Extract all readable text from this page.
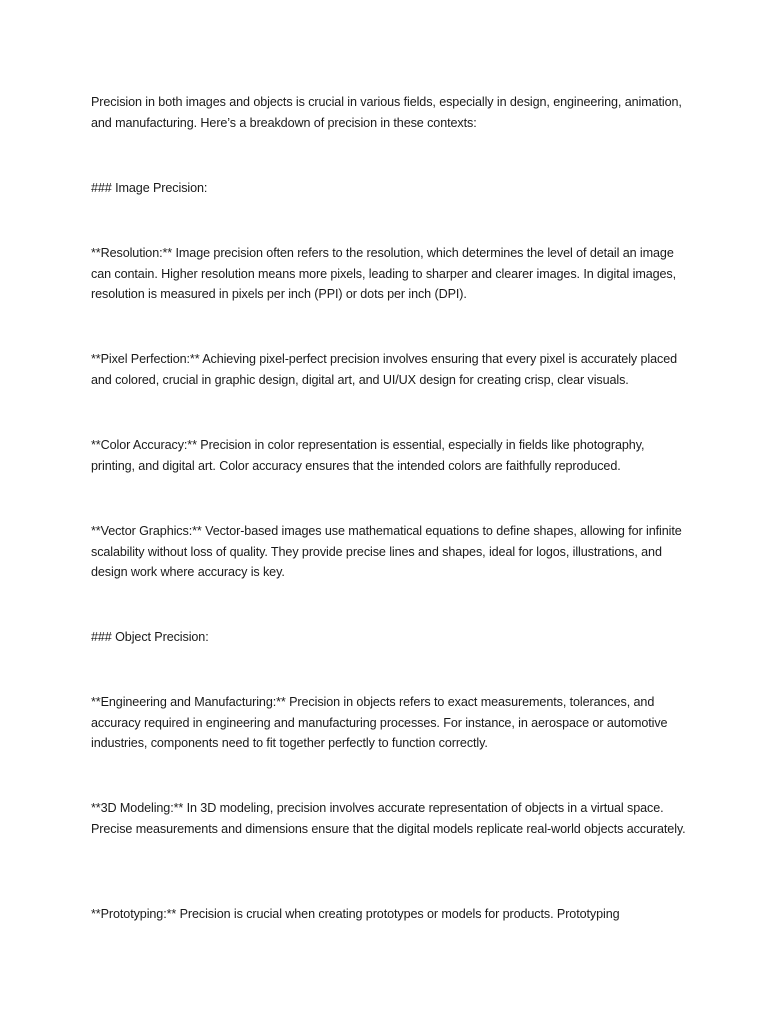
Precision in both images and objects is crucial in various fields, especially in design, engineering, animation, and manufacturing. Here’s a breakdown of precision in these contexts:

### Image Precision:

**Resolution:** Image precision often refers to the resolution, which determines the level of detail an image can contain. Higher resolution means more pixels, leading to sharper and clearer images. In digital images, resolution is measured in pixels per inch (PPI) or dots per inch (DPI).

**Pixel Perfection:** Achieving pixel-perfect precision involves ensuring that every pixel is accurately placed and colored, crucial in graphic design, digital art, and UI/UX design for creating crisp, clear visuals.

**Color Accuracy:** Precision in color representation is essential, especially in fields like photography, printing, and digital art. Color accuracy ensures that the intended colors are faithfully reproduced.

**Vector Graphics:** Vector-based images use mathematical equations to define shapes, allowing for infinite scalability without loss of quality. They provide precise lines and shapes, ideal for logos, illustrations, and design work where accuracy is key.

### Object Precision:

**Engineering and Manufacturing:** Precision in objects refers to exact measurements, tolerances, and accuracy required in engineering and manufacturing processes. For instance, in aerospace or automotive industries, components need to fit together perfectly to function correctly.

**3D Modeling:** In 3D modeling, precision involves accurate representation of objects in a virtual space. Precise measurements and dimensions ensure that the digital models replicate real-world objects accurately.

**Prototyping:** Precision is crucial when creating prototypes or models for products. Prototyping
